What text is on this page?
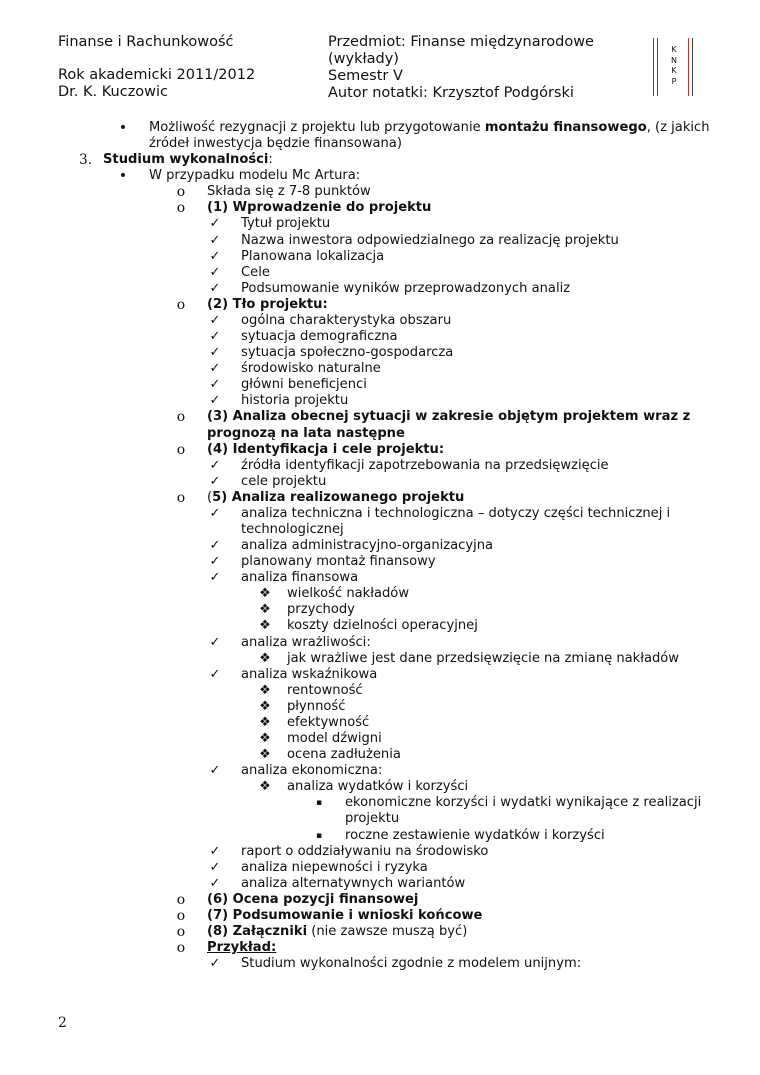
Finanse i Rachunkowość
Rok akademicki 2011/2012
Dr. K. Kuczowic
Przedmiot: Finanse międzynarodowe
(wykłady)
Semestr V
Autor notatki: Krzysztof Podgórski
K
N
K
P
•	Możliwość rezygnacji z projektu lub przygotowanie montażu finansowego, (z jakich
źródeł inwestycja będzie finansowana)
3. Studium wykonalności:
•	W przypadku modelu Mc Artura:
o	Składa się z 7-8 punktów
o	(1) Wprowadzenie do projektu
✓ Tytuł projektu
✓ Nazwa inwestora odpowiedzialnego za realizację projektu
✓ Planowana lokalizacja
✓ Cele
✓ Podsumowanie wyników przeprowadzonych analiz
o	(2) Tło projektu:
✓ ogólna charakterystyka obszaru
✓ sytuacja demograficzna
✓ sytuacja społeczno-gospodarcza
✓ środowisko naturalne
✓ główni beneficjenci
✓ historia projektu
o	(3) Analiza obecnej sytuacji w zakresie objętym projektem wraz z
prognozą na lata następne
o	(4) Identyfikacja i cele projektu:
✓ źródła identyfikacji zapotrzebowania na przedsięwzięcie
✓ cele projektu
o	(5) Analiza realizowanego projektu
✓ analiza techniczna i technologiczna – dotyczy części technicznej i
technologicznej
✓ analiza administracyjno-organizacyjna
✓ planowany montaż finansowy
✓ analiza finansowa
❖ wielkość nakładów
❖ przychody
❖ koszty dzielności operacyjnej
✓ analiza wrażliwości:
❖ jak wrażliwe jest dane przedsięwzięcie na zmianę nakładów
✓ analiza wskaźnikowa
❖ rentowność
❖ płynność
❖ efektywność
❖ model dźwigni
❖ ocena zadłużenia
✓ analiza ekonomiczna:
❖ analiza wydatków i korzyści
▪	ekonomiczne korzyści i wydatki wynikające z realizacji
projektu
▪	roczne zestawienie wydatków i korzyści
✓ raport o oddziaływaniu na środowisko
✓ analiza niepewności i ryzyka
✓ analiza alternatywnych wariantów
o	(6) Ocena pozycji finansowej
o	(7) Podsumowanie i wnioski końcowe
o	(8) Załączniki (nie zawsze muszą być)
o	Przykład:
✓ Studium wykonalności zgodnie z modelem unijnym:
2
